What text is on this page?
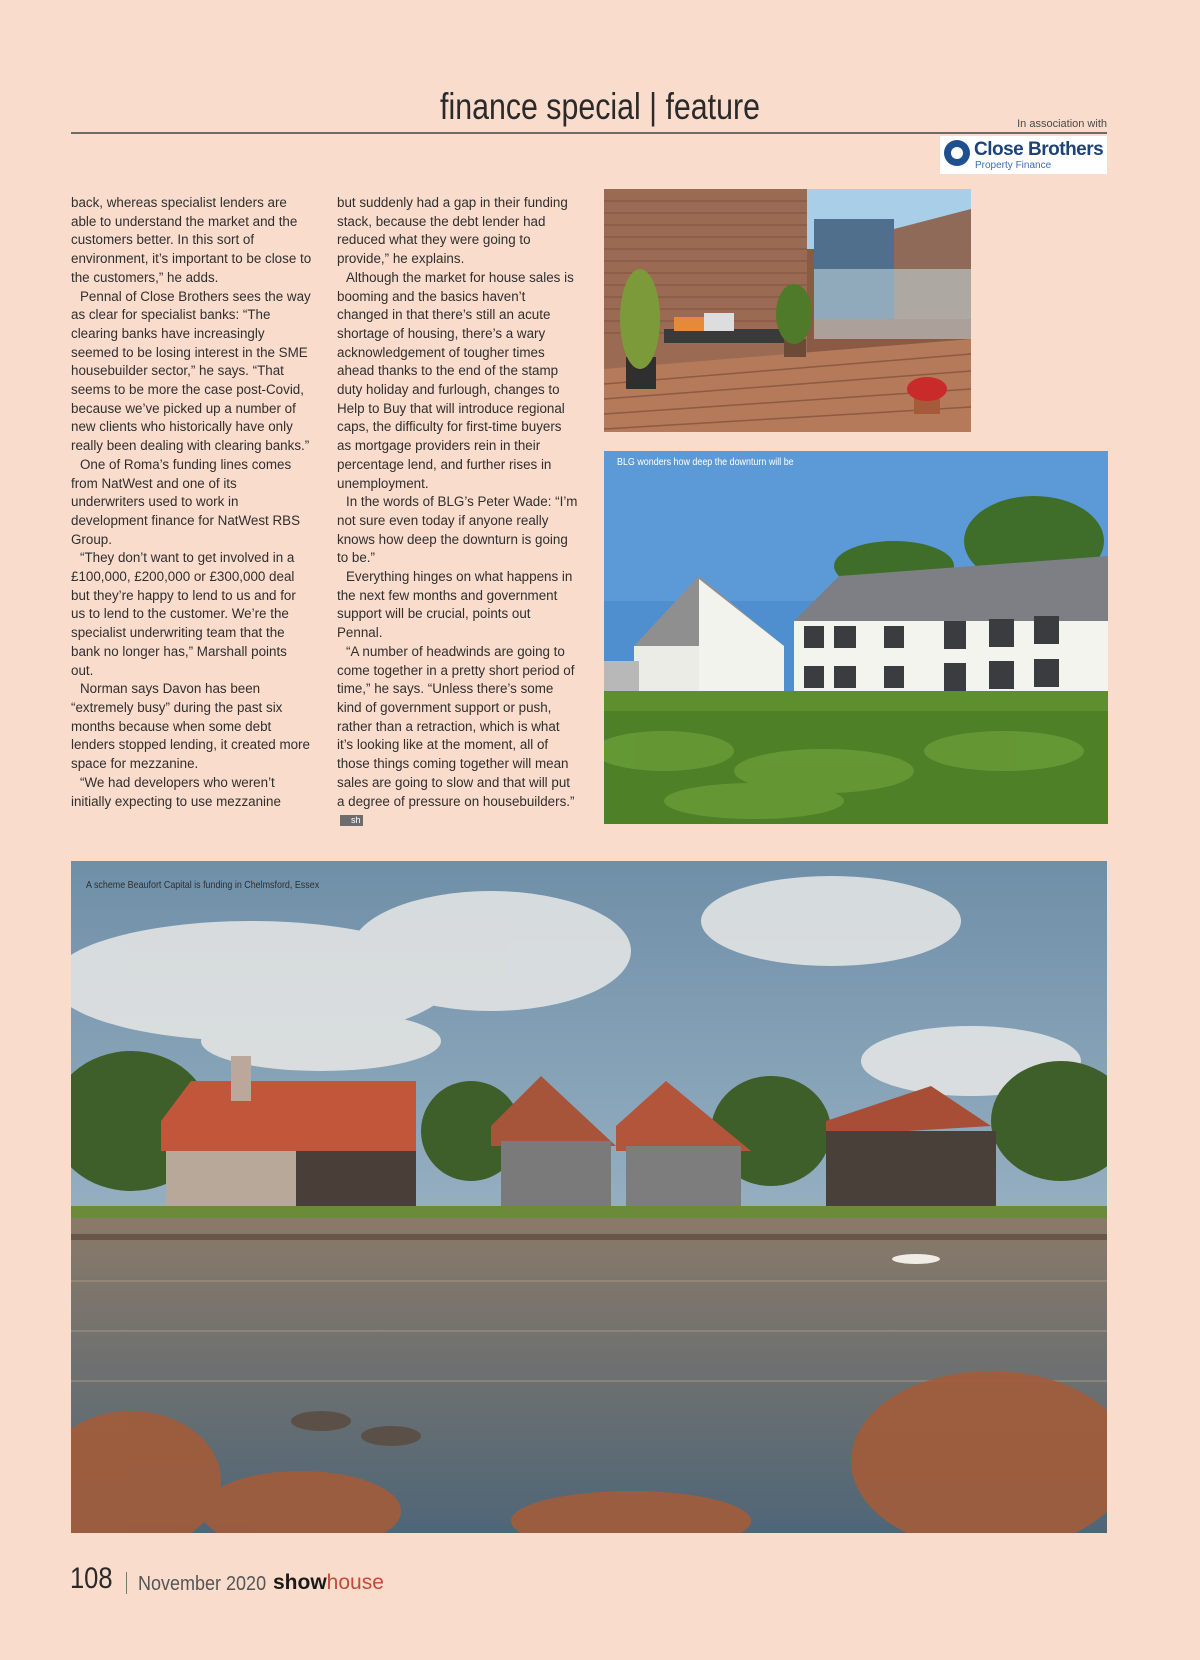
finance special | feature	In association with
Close Brothers
Property Finance

back, whereas specialist lenders are able to understand the market and the customers better. In this sort of environment, it’s important to be close to the customers,” he adds.

Pennal of Close Brothers sees the way as clear for specialist banks: “The clearing banks have increasingly seemed to be losing interest in the SME housebuilder sector,” he says. “That seems to be more the case post-Covid, because we’ve picked up a number of new clients who historically have only really been dealing with clearing banks.”

One of Roma’s funding lines comes from NatWest and one of its underwriters used to work in development finance for NatWest RBS Group.

“They don’t want to get involved in a £100,000, £200,000 or £300,000 deal but they’re happy to lend to us and for us to lend to the customer. We’re the specialist underwriting team that the bank no longer has,” Marshall points out.

Norman says Davon has been “extremely busy” during the past six months because when some debt lenders stopped lending, it created more space for mezzanine.

“We had developers who weren’t initially expecting to use mezzanine

but suddenly had a gap in their funding stack, because the debt lender had reduced what they were going to provide,” he explains.

Although the market for house sales is booming and the basics haven’t changed in that there’s still an acute shortage of housing, there’s a wary acknowledgement of tougher times ahead thanks to the end of the stamp duty holiday and furlough, changes to Help to Buy that will introduce regional caps, the difficulty for first-time buyers as mortgage providers rein in their percentage lend, and further rises in unemployment.

In the words of BLG’s Peter Wade: “I’m not sure even today if anyone really knows how deep the downturn is going to be.”

Everything hinges on what happens in the next few months and government support will be crucial, points out Pennal.

“A number of headwinds are going to come together in a pretty short period of time,” he says. “Unless there’s some kind of government support or push, rather than a retraction, which is what it’s looking like at the moment, all of those things coming together will mean sales are going to slow and that will put a degree of pressure on housebuilders.”sh

BLG wonders how deep the downturn will be
A scheme Beaufort Capital is funding in Chelmsford, Essex
108 November 2020 showhouse
